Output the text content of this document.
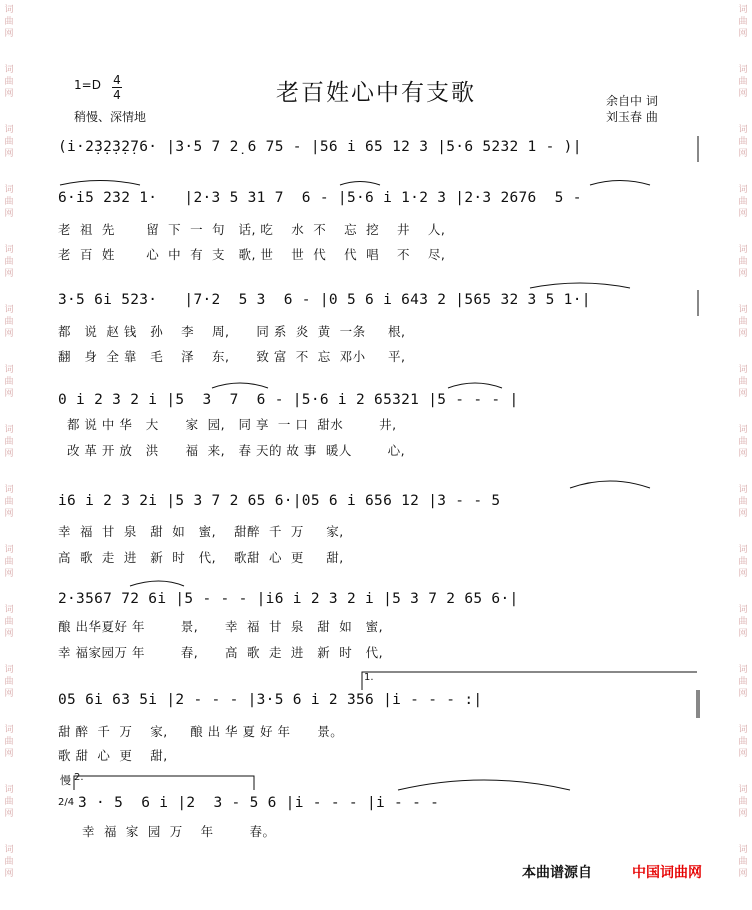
词
曲
网
词
曲
网
词
曲
网
词
曲
网
词
曲
网
词
曲
网
词
曲
网
词
曲
网
词
曲
网
词
曲
网
词
曲
网
词
曲
网
词
曲
网
词
曲
网
词
曲
网
词
曲
网
词
曲
网
词
曲
网
词
曲
网
词
曲
网
词
曲
网
词
曲
网
词
曲
网
词
曲
网
词
曲
网
词
曲
网
词
曲
网
词
曲
网
词
曲
网
词
曲
网
老百姓心中有支歌
1=D 4
4
稍慢、深情地
余自中 词
刘玉春 曲
(i·2̣3̣2̣3̣2̣76· |3·5 7 2̣ 6 75 - |56 i 65 12 3 |5·6 5232 1 - )|
6·i5 232 1·   |2·3 5 31 7  6 - |5·6 i 1·2 3 |2·3 2676  5 -
老  祖  先       留  下  一  句   话, 吃    水  不    忘  挖    井    人,
老  百  姓       心  中  有  支   歌, 世    世  代    代  唱    不    尽,
3·5 6i 523·   |7·2  5 3  6 - |0 5 6 i 643 2 |565 32 3 5 1·|
都   说  赵 钱   孙    李    周,      同 系  炎  黄  一条     根,
翻   身  全 靠   毛    泽    东,      致 富  不  忘  邓小     平,
0 i 2 3 2 i |5  3  7  6 - |5·6 i 2 65321 |5 - - - |
都 说 中 华   大      家  园,   同 享  一 口  甜水        井,
改 革 开 放   洪      福  来,   春 天的 故 事  暖人        心,
i6 i 2 3 2i |5 3 7 2 65 6·|05 6 i 656 12 |3 - - 5
幸  福  甘  泉   甜  如   蜜,    甜醉  千  万     家,
高  歌  走  进   新  时   代,    歌甜  心  更     甜,
2·3567 72 6i |5 - - - |i6 i 2 3 2 i |5 3 7 2 65 6·|
酿 出华夏好 年        景,      幸  福  甘  泉   甜  如   蜜,
幸 福家园万 年        春,      高  歌  走  进   新  时   代,
1.
05 6i 63 5i |2 - - - |3·5 6 i 2 356 |i - - - :|
甜 醉  千  万    家,     酿 出 华 夏 好 年      景。
歌 甜  心  更    甜,
慢 2.
2/4 3 · 5  6 i |2  3 - 5 6 |i - - - |i - - -
幸  福  家  园  万    年        春。
本曲谱源自	中国词曲网
